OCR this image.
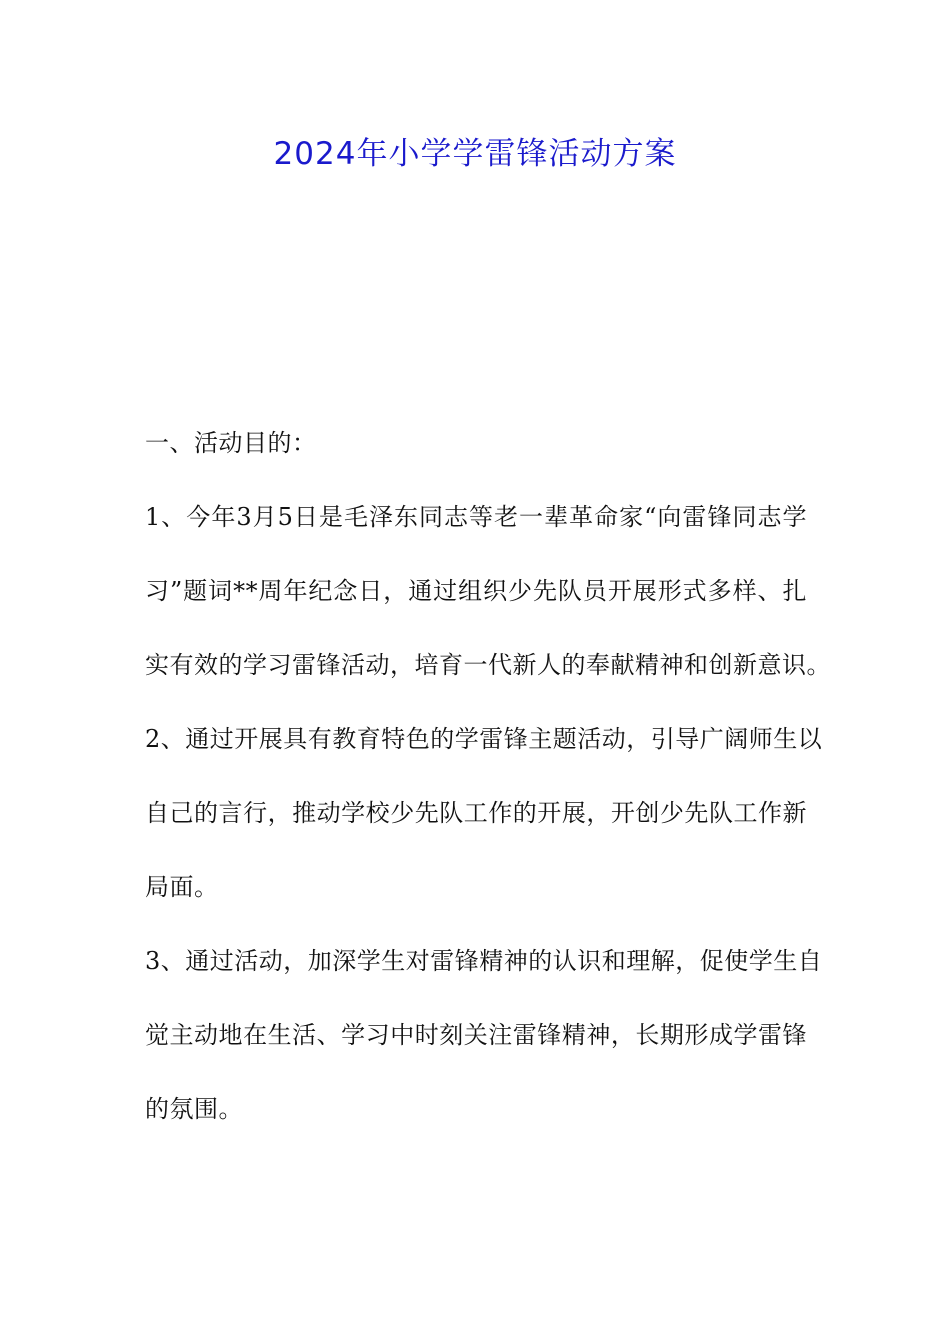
2024年小学学雷锋活动方案
一、活动目的：
1、今年3月5日是毛泽东同志等老一辈革命家“向雷锋同志学
习”题词**周年纪念日，通过组织少先队员开展形式多样、扎
实有效的学习雷锋活动，培育一代新人的奉献精神和创新意识。
2、通过开展具有教育特色的学雷锋主题活动，引导广阔师生以
自己的言行，推动学校少先队工作的开展，开创少先队工作新
局面。
3、通过活动，加深学生对雷锋精神的认识和理解，促使学生自
觉主动地在生活、学习中时刻关注雷锋精神，长期形成学雷锋
的氛围。
